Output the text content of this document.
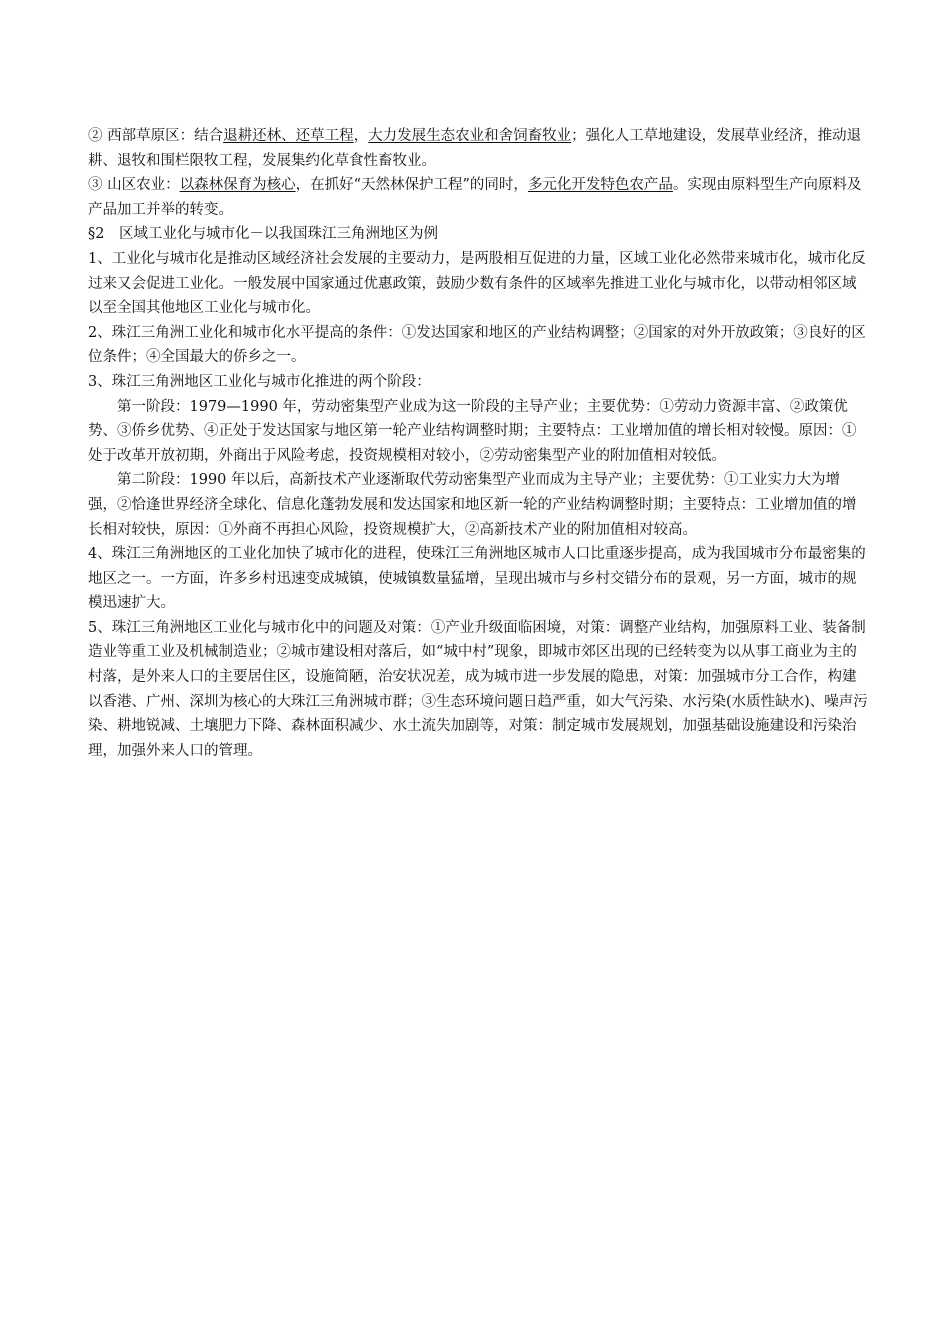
② 西部草原区：结合退耕还林、还草工程，大力发展生态农业和舍饲畜牧业；强化人工草地建设，发展草业经济，推动退耕、退牧和围栏限牧工程，发展集约化草食性畜牧业。

③ 山区农业：以森林保育为核心，在抓好“天然林保护工程”的同时，多元化开发特色农产品。实现由原料型生产向原料及产品加工并举的转变。

§2　区域工业化与城市化－以我国珠江三角洲地区为例

1、工业化与城市化是推动区域经济社会发展的主要动力，是两股相互促进的力量，区域工业化必然带来城市化，城市化反过来又会促进工业化。一般发展中国家通过优惠政策，鼓励少数有条件的区域率先推进工业化与城市化，以带动相邻区域以至全国其他地区工业化与城市化。

2、珠江三角洲工业化和城市化水平提高的条件：①发达国家和地区的产业结构调整；②国家的对外开放政策；③良好的区位条件；④全国最大的侨乡之一。

3、珠江三角洲地区工业化与城市化推进的两个阶段：

第一阶段：1979—1990 年，劳动密集型产业成为这一阶段的主导产业；主要优势：①劳动力资源丰富、②政策优势、③侨乡优势、④正处于发达国家与地区第一轮产业结构调整时期；主要特点：工业增加值的增长相对较慢。原因：①处于改革开放初期，外商出于风险考虑，投资规模相对较小，②劳动密集型产业的附加值相对较低。

第二阶段：1990 年以后，高新技术产业逐渐取代劳动密集型产业而成为主导产业；主要优势：①工业实力大为增强，②恰逢世界经济全球化、信息化蓬勃发展和发达国家和地区新一轮的产业结构调整时期；主要特点：工业增加值的增长相对较快，原因：①外商不再担心风险，投资规模扩大，②高新技术产业的附加值相对较高。

4、珠江三角洲地区的工业化加快了城市化的进程，使珠江三角洲地区城市人口比重逐步提高，成为我国城市分布最密集的地区之一。一方面，许多乡村迅速变成城镇，使城镇数量猛增，呈现出城市与乡村交错分布的景观，另一方面，城市的规模迅速扩大。

5、珠江三角洲地区工业化与城市化中的问题及对策：①产业升级面临困境，对策：调整产业结构，加强原料工业、装备制造业等重工业及机械制造业；②城市建设相对落后，如“城中村”现象，即城市郊区出现的已经转变为以从事工商业为主的村落，是外来人口的主要居住区，设施简陋，治安状况差，成为城市进一步发展的隐患，对策：加强城市分工合作，构建以香港、广州、深圳为核心的大珠江三角洲城市群；③生态环境问题日趋严重，如大气污染、水污染(水质性缺水)、噪声污染、耕地锐减、土壤肥力下降、森林面积减少、水土流失加剧等，对策：制定城市发展规划，加强基础设施建设和污染治理，加强外来人口的管理。
